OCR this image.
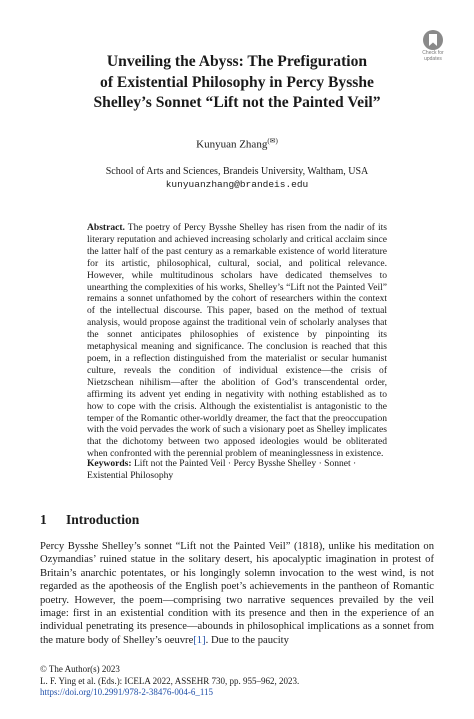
Check for
updates
Unveiling the Abyss: The Prefiguration
of Existential Philosophy in Percy Bysshe
Shelley’s Sonnet “Lift not the Painted Veil”
Kunyuan Zhang(✉)
School of Arts and Sciences, Brandeis University, Waltham, USA
kunyuanzhang@brandeis.edu
Abstract. The poetry of Percy Bysshe Shelley has risen from the nadir of its literary reputation and achieved increasing scholarly and critical acclaim since the latter half of the past century as a remarkable existence of world literature for its artistic, philosophical, cultural, social, and political relevance. However, while multitudinous scholars have dedicated themselves to unearthing the complexities of his works, Shelley’s “Lift not the Painted Veil” remains a sonnet unfathomed by the cohort of researchers within the context of the intellectual discourse. This paper, based on the method of textual analysis, would propose against the traditional vein of scholarly analyses that the sonnet anticipates philosophies of existence by pinpointing its metaphysical meaning and significance. The conclusion is reached that this poem, in a reflection distinguished from the materialist or secular humanist culture, reveals the condition of individual existence—the crisis of Nietzschean nihilism—after the abolition of God’s transcendental order, affirming its advent yet ending in negativity with nothing established as to how to cope with the crisis. Although the existentialist is antagonistic to the temper of the Romantic other-worldly dreamer, the fact that the preoccupation with the void pervades the work of such a visionary poet as Shelley implicates that the dichotomy between two apposed ideologies would be obliterated when confronted with the perennial problem of meaninglessness in existence.
Keywords: Lift not the Painted Veil · Percy Bysshe Shelley · Sonnet · Existential Philosophy
1 Introduction
Percy Bysshe Shelley’s sonnet “Lift not the Painted Veil” (1818), unlike his meditation on Ozymandias’ ruined statue in the solitary desert, his apocalyptic imagination in protest of Britain’s anarchic potentates, or his longingly solemn invocation to the west wind, is not regarded as the apotheosis of the English poet’s achievements in the pantheon of Romantic poetry. However, the poem—comprising two narrative sequences prevailed by the veil image: first in an existential condition with its presence and then in the experience of an individual penetrating its presence—abounds in philosophical implications as a sonnet from the mature body of Shelley’s oeuvre[1]. Due to the paucity
© The Author(s) 2023
L. F. Ying et al. (Eds.): ICELA 2022, ASSEHR 730, pp. 955–962, 2023.
https://doi.org/10.2991/978-2-38476-004-6_115
